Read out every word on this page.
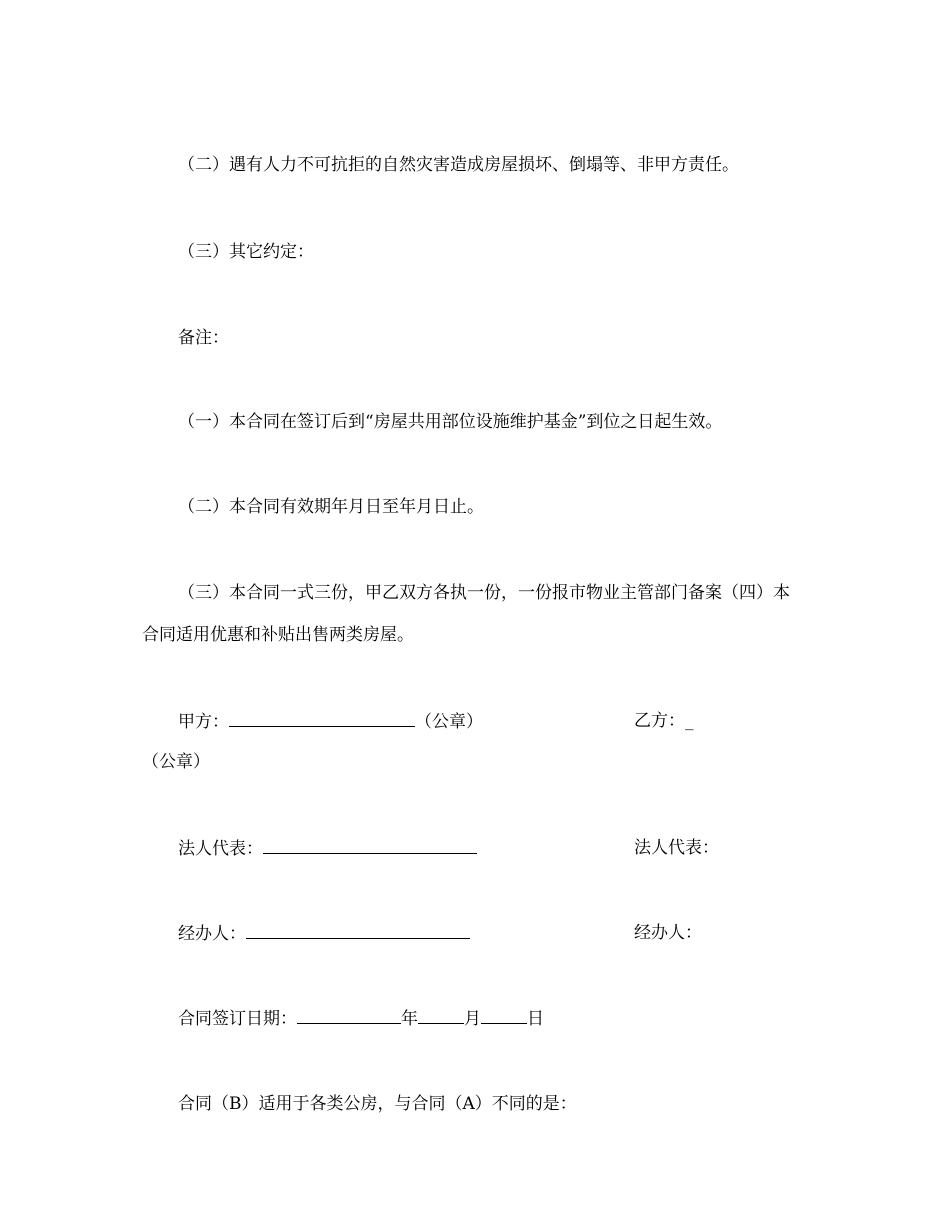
（二）遇有人力不可抗拒的自然灾害造成房屋损坏、倒塌等、非甲方责任。
（三）其它约定：
备注：
（一）本合同在签订后到“房屋共用部位设施维护基金”到位之日起生效。
（二）本合同有效期年月日至年月日止。
（三）本合同一式三份，甲乙双方各执一份，一份报市物业主管部门备案（四）本
合同适用优惠和补贴出售两类房屋。
甲方：	（公章）	乙方：_
（公章）
法人代表：	法人代表：
经办人：	经办人：
合同签订日期：	年	月	日
合同（B）适用于各类公房，与合同（A）不同的是：
